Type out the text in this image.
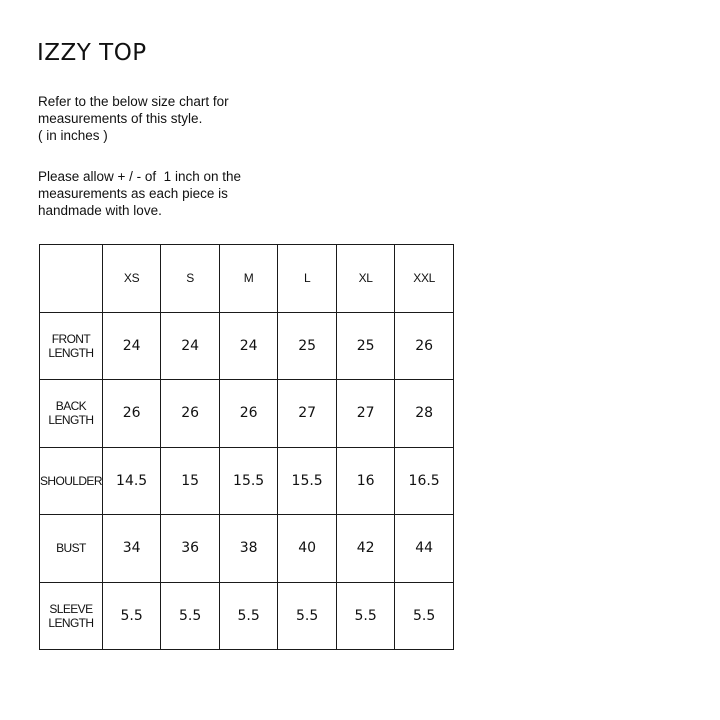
IZZY TOP

Refer to the below size chart for
measurements of this style.
( in inches )

Please allow + / - of  1 inch on the
measurements as each piece is
handmade with love.

	XS	S	M	L	XL	XXL

FRONT
LENGTH	24	24	24	25	25	26

BACK
LENGTH	26	26	26	27	27	28

SHOULDER	14.5	15	15.5	15.5	16	16.5

BUST	34	36	38	40	42	44

SLEEVE
LENGTH	5.5	5.5	5.5	5.5	5.5	5.5
